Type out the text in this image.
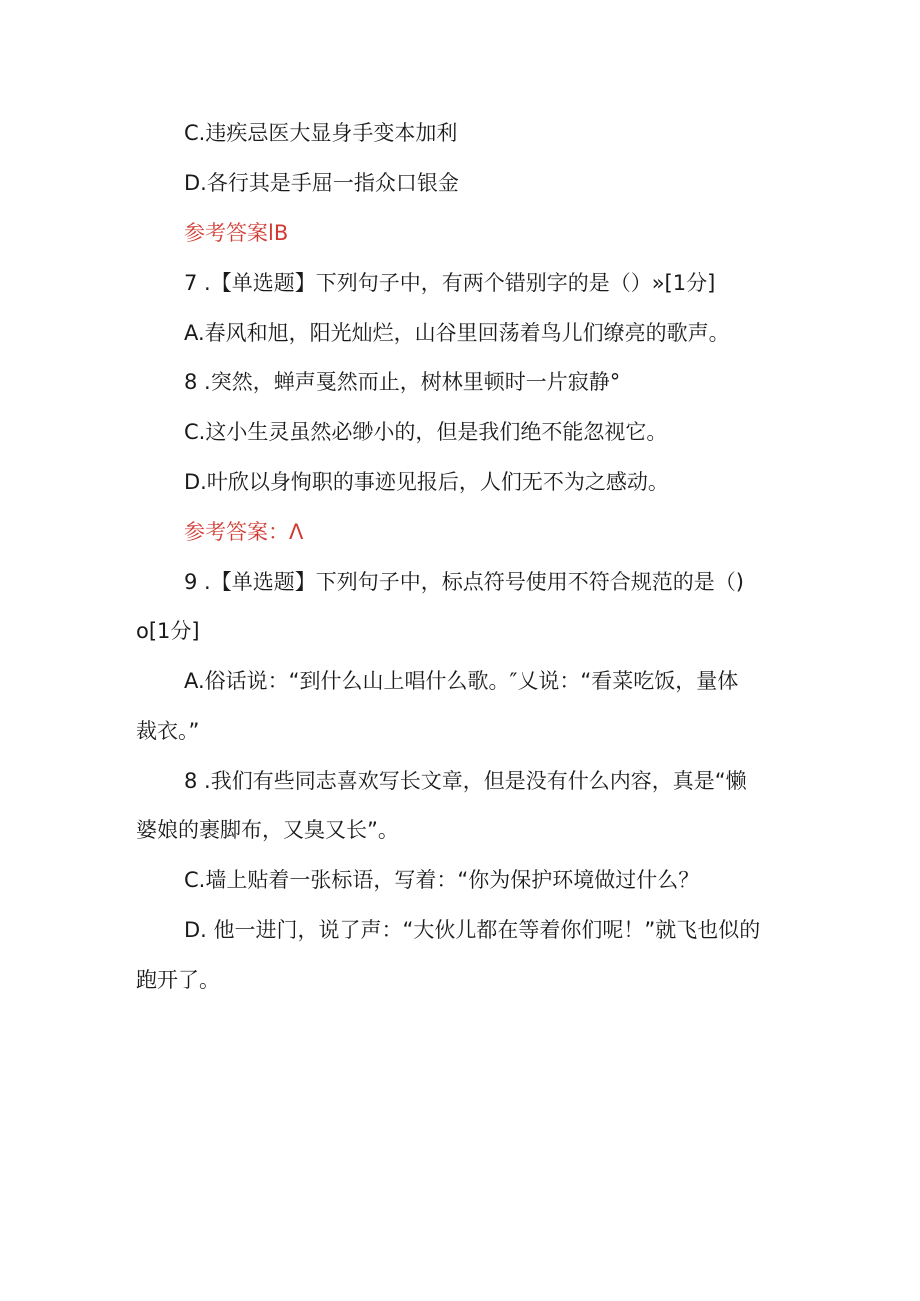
C.违疾忌医大显身手变本加利
D.各行其是手屈一指众口银金
参考答案lB
7 .【单选题】下列句子中，有两个错别字的是（）»[1分]
A.春风和旭，阳光灿烂，山谷里回荡着鸟儿们缭亮的歌声。
8 .突然，蝉声戛然而止，树林里顿时一片寂静°
C.这小生灵虽然必缈小的，但是我们绝不能忽视它。
D.叶欣以身恂职的事迹见报后，人们无不为之感动。
参考答案：Λ
9 .【单选题】下列句子中，标点符号使用不符合规范的是（)
o[1分]
A.俗话说：“到什么山上唱什么歌。″乂说：“看菜吃饭，量体
裁衣。”
8 .我们有些同志喜欢写长文章，但是没有什么内容，真是“懒
婆娘的裹脚布，又臭又长”。
C.墙上贴着一张标语，写着：“你为保护环境做过什么？
D. 他一进门，说了声：“大伙儿都在等着你们呢！”就飞也似的
跑开了。
